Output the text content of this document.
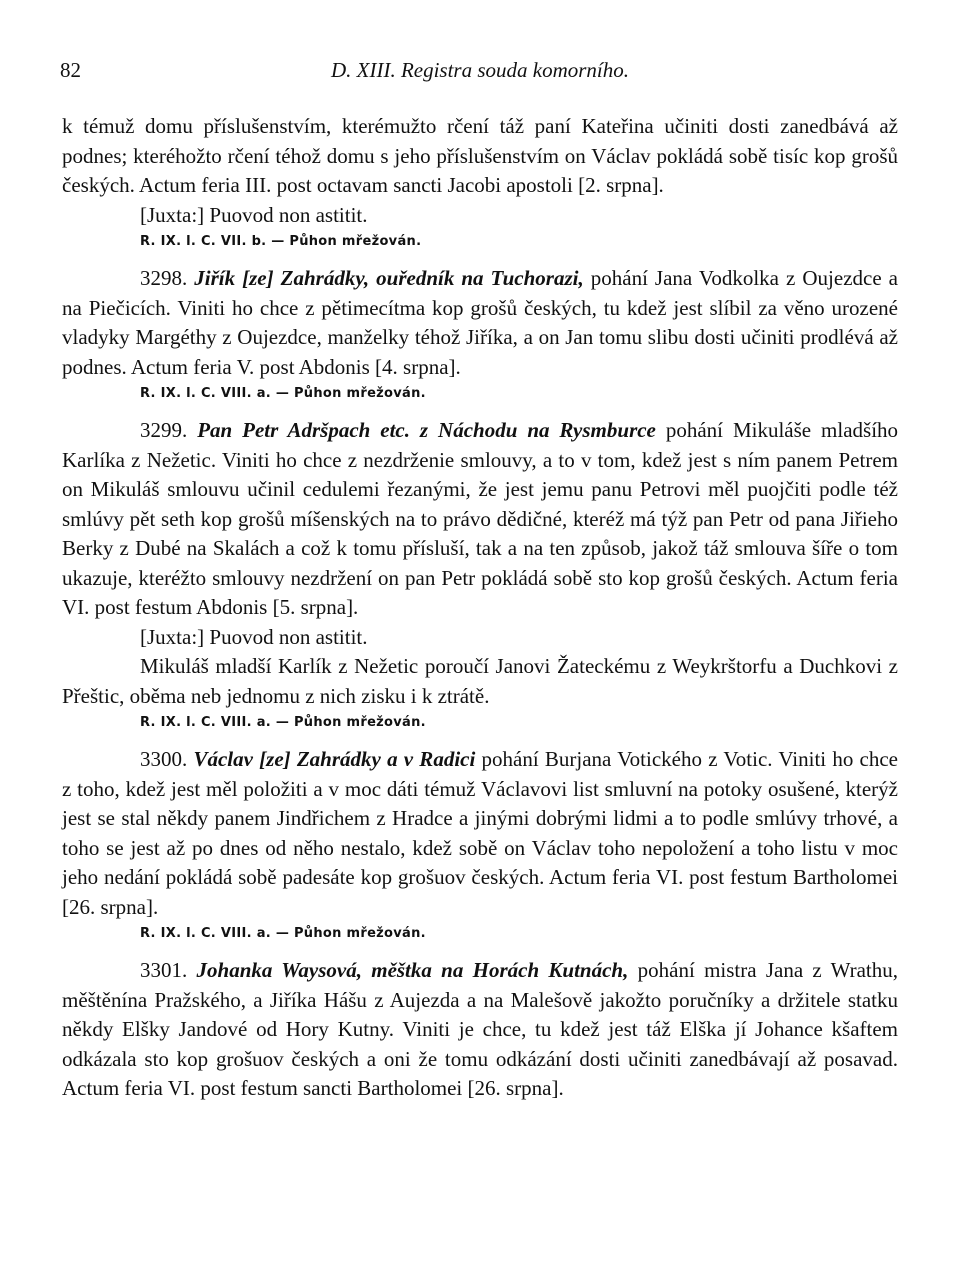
82	D. XIII. Registra souda komorního.

k témuž domu příslušenstvím, kterémužto rčení táž paní Kateřina učiniti dosti zanedbává až podnes; kteréhožto rčení téhož domu s jeho příslušenstvím on Václav pokládá sobě tisíc kop grošů českých. Actum feria III. post octavam sancti Jacobi apostoli [2. srpna].

[Juxta:] Puovod non astitit.

R. IX. l. C. VII. b. — Půhon mřežován.

3298. Jiřík [ze] Zahrádky, ouředník na Tuchorazi, pohání Jana Vodkolka z Oujezdce a na Piečicích. Viniti ho chce z pětimecítma kop grošů českých, tu kdež jest slíbil za věno urozené vladyky Margéthy z Oujezdce, manželky téhož Jiříka, a on Jan tomu slibu dosti učiniti prodlévá až podnes. Actum feria V. post Abdonis [4. srpna].

R. IX. l. C. VIII. a. — Půhon mřežován.

3299. Pan Petr Adršpach etc. z Náchodu na Rysmburce pohání Mikuláše mladšího Karlíka z Nežetic. Viniti ho chce z nezdrženie smlouvy, a to v tom, kdež jest s ním panem Petrem on Mikuláš smlouvu učinil cedulemi řezanými, že jest jemu panu Petrovi měl puojčiti podle též smlúvy pět seth kop grošů míšenských na to právo dědičné, kteréž má týž pan Petr od pana Jiřieho Berky z Dubé na Skalách a což k tomu přísluší, tak a na ten způsob, jakož táž smlouva šíře o tom ukazuje, kteréžto smlouvy nezdržení on pan Petr pokládá sobě sto kop grošů českých. Actum feria VI. post festum Abdonis [5. srpna].

[Juxta:] Puovod non astitit.

Mikuláš mladší Karlík z Nežetic poroučí Janovi Žateckému z Weykrštorfu a Duchkovi z Přeštic, oběma neb jednomu z nich zisku i k ztrátě.

R. IX. l. C. VIII. a. — Půhon mřežován.

3300. Václav [ze] Zahrádky a v Radici pohání Burjana Votického z Votic. Viniti ho chce z toho, kdež jest měl položiti a v moc dáti témuž Václavovi list smluvní na potoky osušené, kterýž jest se stal někdy panem Jindřichem z Hradce a jinými dobrými lidmi a to podle smlúvy trhové, a toho se jest až po dnes od něho nestalo, kdež sobě on Václav toho nepoložení a toho listu v moc jeho nedání pokládá sobě padesáte kop grošuov českých. Actum feria VI. post festum Bartholomei [26. srpna].

R. IX. l. C. VIII. a. — Půhon mřežován.

3301. Johanka Waysová, měštka na Horách Kutnách, pohání mistra Jana z Wrathu, měštěnína Pražského, a Jiříka Hášu z Aujezda a na Malešově jakožto poručníky a držitele statku někdy Elšky Jandové od Hory Kutny. Viniti je chce, tu kdež jest táž Elška jí Johance kšaftem odkázala sto kop grošuov českých a oni že tomu odkázání dosti učiniti zanedbávají až posavad. Actum feria VI. post festum sancti Bartholomei [26. srpna].
